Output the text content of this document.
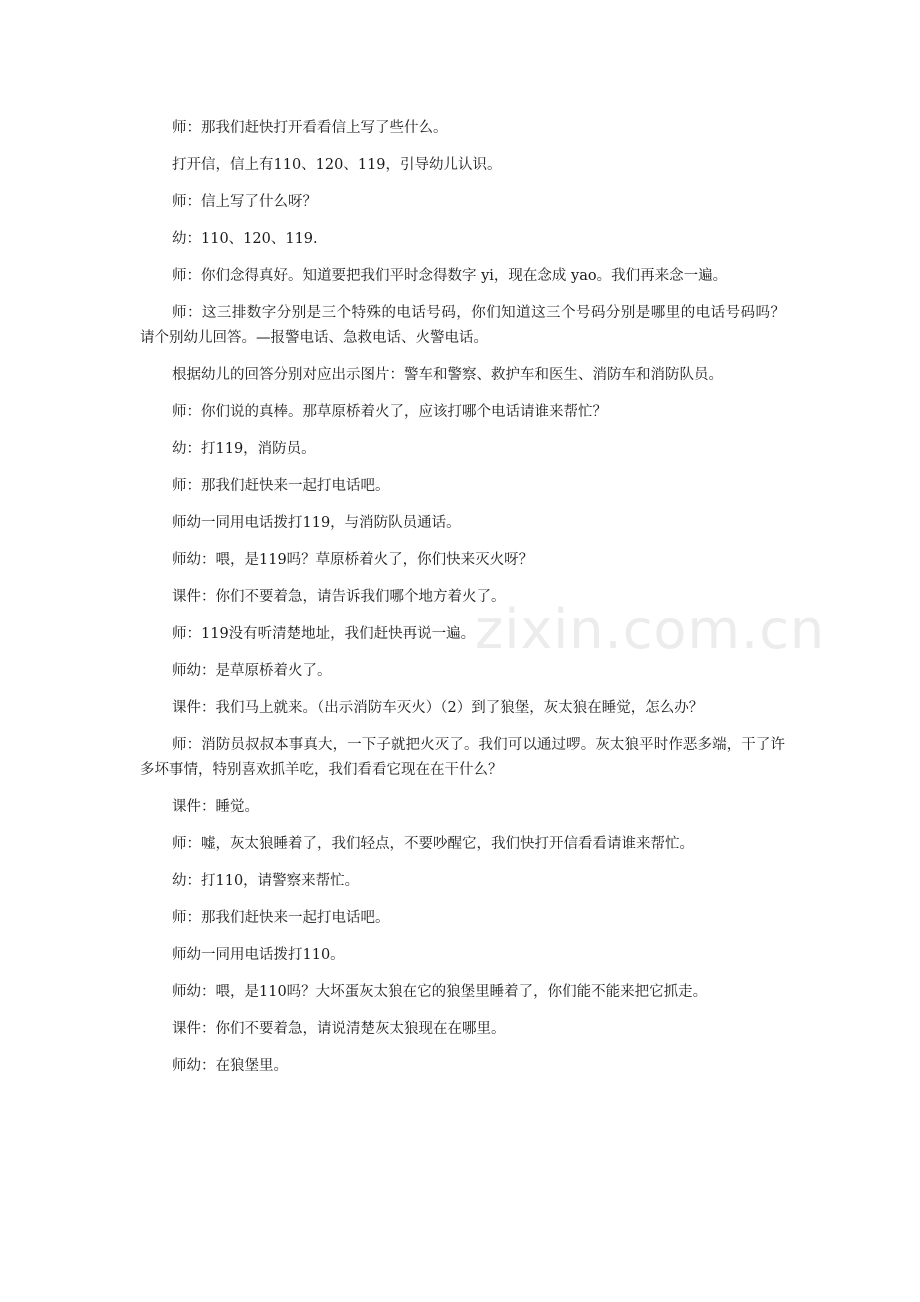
师：那我们赶快打开看看信上写了些什么。

打开信，信上有110、120、119，引导幼儿认识。

师：信上写了什么呀？

幼：110、120、119.

师：你们念得真好。知道要把我们平时念得数字 yi，现在念成 yao。我们再来念一遍。

师：这三排数字分别是三个特殊的电话号码，你们知道这三个号码分别是哪里的电话号码吗？　　请个别幼儿回答。—报警电话、急救电话、火警电话。

根据幼儿的回答分别对应出示图片：警车和警察、救护车和医生、消防车和消防队员。

师：你们说的真棒。那草原桥着火了，应该打哪个电话请谁来帮忙？

幼：打119，消防员。

师：那我们赶快来一起打电话吧。

师幼一同用电话拨打119，与消防队员通话。

师幼：喂，是119吗？草原桥着火了，你们快来灭火呀？

课件：你们不要着急，请告诉我们哪个地方着火了。

师：119没有听清楚地址，我们赶快再说一遍。

师幼：是草原桥着火了。

课件：我们马上就来。（出示消防车灭火）（2）到了狼堡，灰太狼在睡觉，怎么办？

师：消防员叔叔本事真大，一下子就把火灭了。我们可以通过啰。灰太狼平时作恶多端，干了许多坏事情，特别喜欢抓羊吃，我们看看它现在在干什么？

课件：睡觉。

师：嘘，灰太狼睡着了，我们轻点，不要吵醒它，我们快打开信看看请谁来帮忙。

幼：打110，请警察来帮忙。

师：那我们赶快来一起打电话吧。

师幼一同用电话拨打110。

师幼：喂，是110吗？大坏蛋灰太狼在它的狼堡里睡着了，你们能不能来把它抓走。

课件：你们不要着急，请说清楚灰太狼现在在哪里。

师幼：在狼堡里。

zixin.com.cn
